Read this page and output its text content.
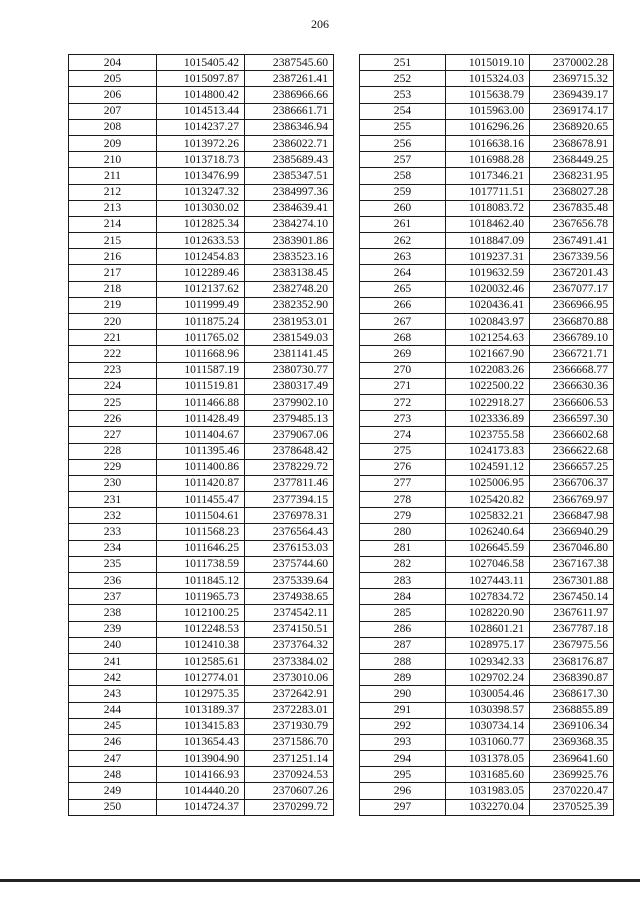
206
204	1015405.42	2387545.60
205	1015097.87	2387261.41
206	1014800.42	2386966.66
207	1014513.44	2386661.71
208	1014237.27	2386346.94
209	1013972.26	2386022.71
210	1013718.73	2385689.43
211	1013476.99	2385347.51
212	1013247.32	2384997.36
213	1013030.02	2384639.41
214	1012825.34	2384274.10
215	1012633.53	2383901.86
216	1012454.83	2383523.16
217	1012289.46	2383138.45
218	1012137.62	2382748.20
219	1011999.49	2382352.90
220	1011875.24	2381953.01
221	1011765.02	2381549.03
222	1011668.96	2381141.45
223	1011587.19	2380730.77
224	1011519.81	2380317.49
225	1011466.88	2379902.10
226	1011428.49	2379485.13
227	1011404.67	2379067.06
228	1011395.46	2378648.42
229	1011400.86	2378229.72
230	1011420.87	2377811.46
231	1011455.47	2377394.15
232	1011504.61	2376978.31
233	1011568.23	2376564.43
234	1011646.25	2376153.03
235	1011738.59	2375744.60
236	1011845.12	2375339.64
237	1011965.73	2374938.65
238	1012100.25	2374542.11
239	1012248.53	2374150.51
240	1012410.38	2373764.32
241	1012585.61	2373384.02
242	1012774.01	2373010.06
243	1012975.35	2372642.91
244	1013189.37	2372283.01
245	1013415.83	2371930.79
246	1013654.43	2371586.70
247	1013904.90	2371251.14
248	1014166.93	2370924.53
249	1014440.20	2370607.26
250	1014724.37	2370299.72
251	1015019.10	2370002.28
252	1015324.03	2369715.32
253	1015638.79	2369439.17
254	1015963.00	2369174.17
255	1016296.26	2368920.65
256	1016638.16	2368678.91
257	1016988.28	2368449.25
258	1017346.21	2368231.95
259	1017711.51	2368027.28
260	1018083.72	2367835.48
261	1018462.40	2367656.78
262	1018847.09	2367491.41
263	1019237.31	2367339.56
264	1019632.59	2367201.43
265	1020032.46	2367077.17
266	1020436.41	2366966.95
267	1020843.97	2366870.88
268	1021254.63	2366789.10
269	1021667.90	2366721.71
270	1022083.26	2366668.77
271	1022500.22	2366630.36
272	1022918.27	2366606.53
273	1023336.89	2366597.30
274	1023755.58	2366602.68
275	1024173.83	2366622.68
276	1024591.12	2366657.25
277	1025006.95	2366706.37
278	1025420.82	2366769.97
279	1025832.21	2366847.98
280	1026240.64	2366940.29
281	1026645.59	2367046.80
282	1027046.58	2367167.38
283	1027443.11	2367301.88
284	1027834.72	2367450.14
285	1028220.90	2367611.97
286	1028601.21	2367787.18
287	1028975.17	2367975.56
288	1029342.33	2368176.87
289	1029702.24	2368390.87
290	1030054.46	2368617.30
291	1030398.57	2368855.89
292	1030734.14	2369106.34
293	1031060.77	2369368.35
294	1031378.05	2369641.60
295	1031685.60	2369925.76
296	1031983.05	2370220.47
297	1032270.04	2370525.39
